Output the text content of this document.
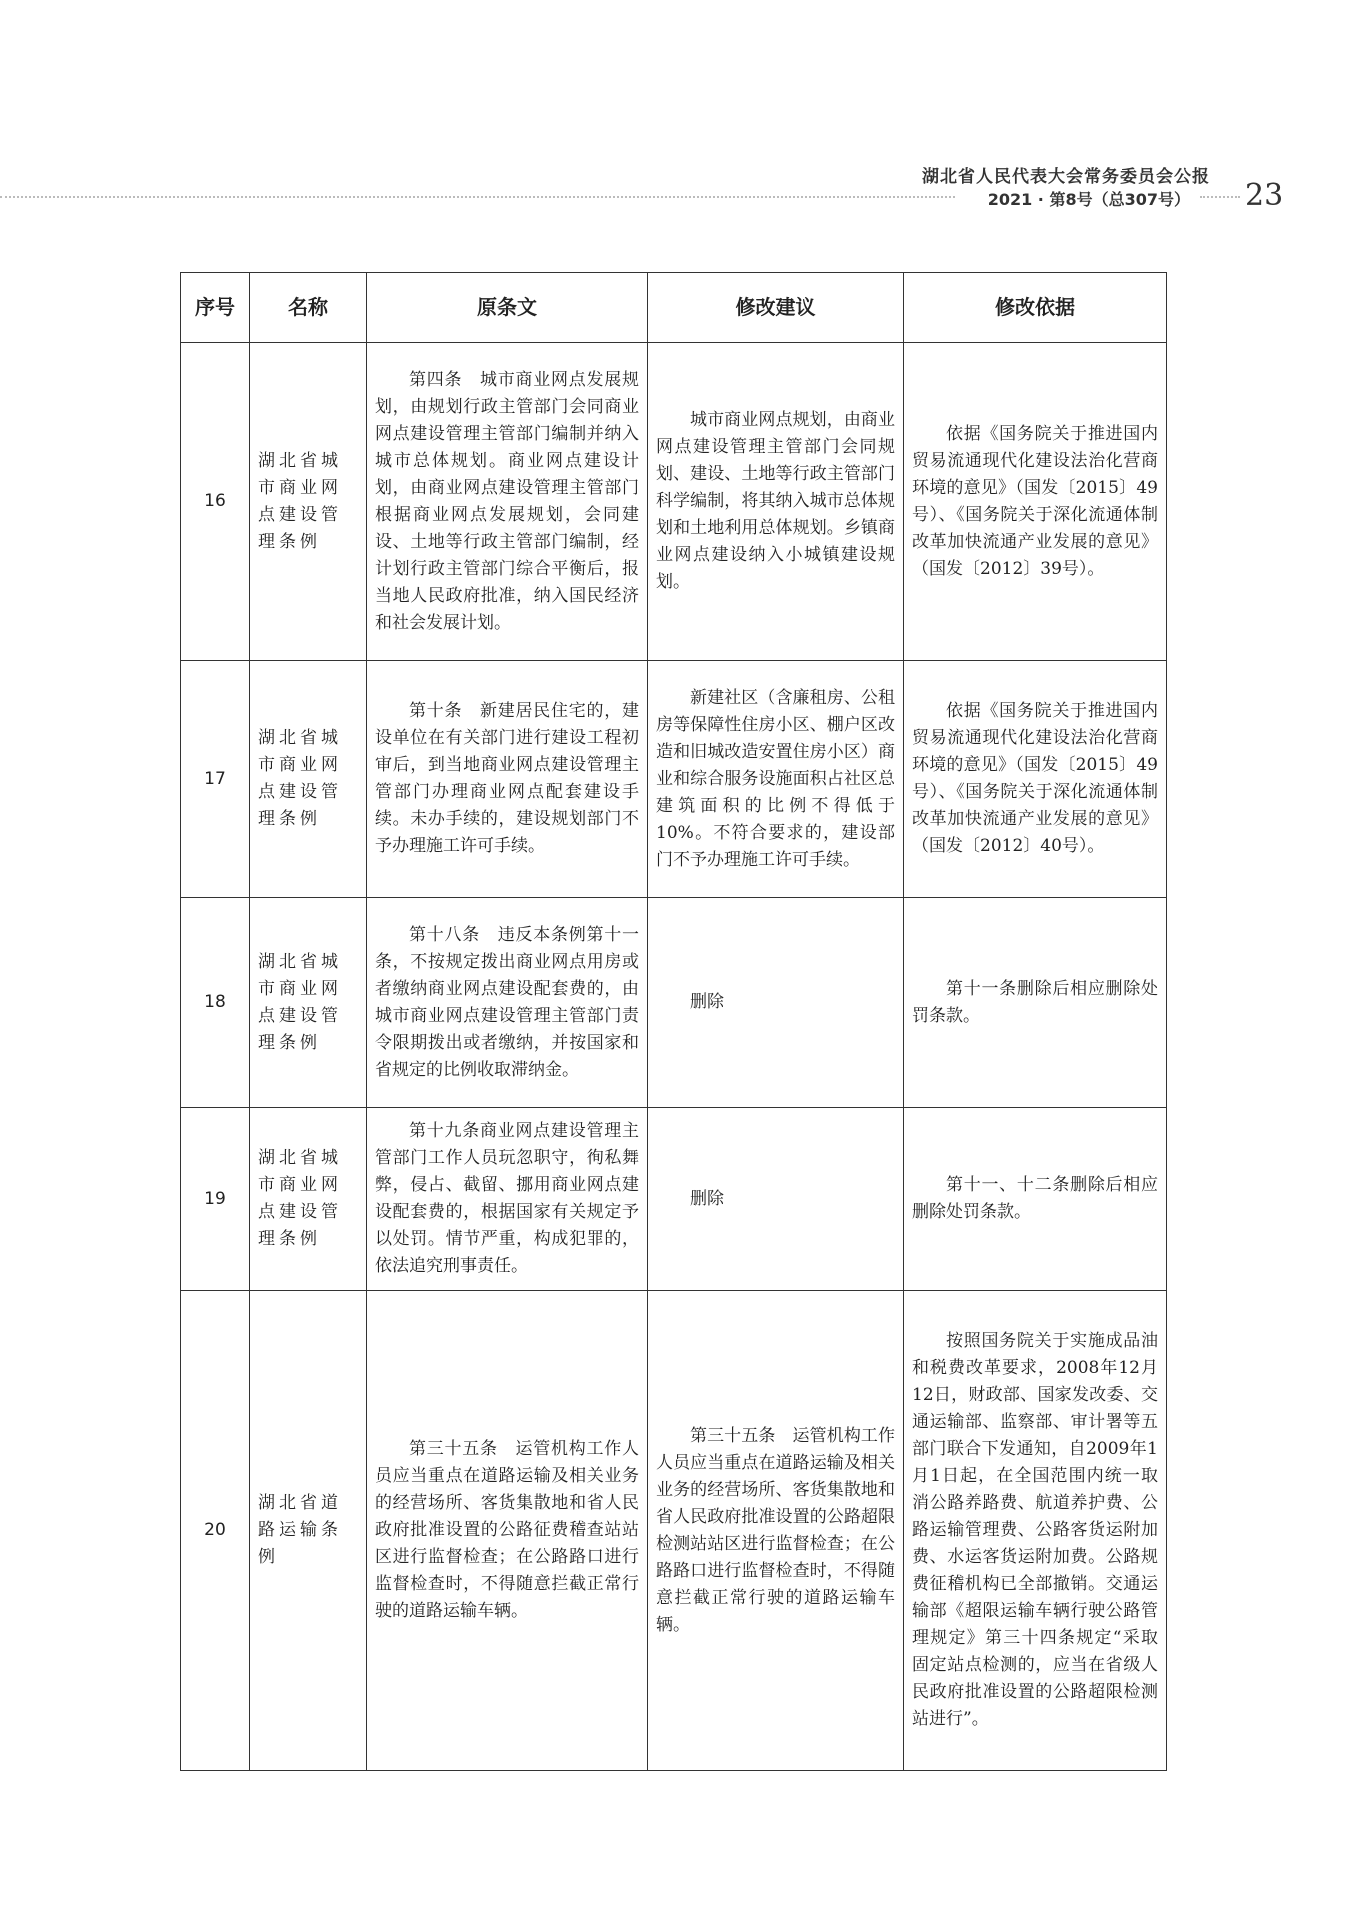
湖北省人民代表大会常务委员会公报
2021 · 第8号（总307号） 23
序号	名称	原条文	修改建议	修改依据
16	湖北省城市商业网点建设管理条例	第四条　城市商业网点发展规划，由规划行政主管部门会同商业网点建设管理主管部门编制并纳入城市总体规划。商业网点建设计划，由商业网点建设管理主管部门根据商业网点发展规划，会同建设、土地等行政主管部门编制，经计划行政主管部门综合平衡后，报当地人民政府批准，纳入国民经济和社会发展计划。	城市商业网点规划，由商业网点建设管理主管部门会同规划、建设、土地等行政主管部门科学编制，将其纳入城市总体规划和土地利用总体规划。乡镇商业网点建设纳入小城镇建设规划。	依据《国务院关于推进国内贸易流通现代化建设法治化营商环境的意见》（国发〔2015〕49号）、《国务院关于深化流通体制改革加快流通产业发展的意见》（国发〔2012〕39号）。

17	湖北省城市商业网点建设管理条例	第十条　新建居民住宅的，建设单位在有关部门进行建设工程初审后，到当地商业网点建设管理主管部门办理商业网点配套建设手续。未办手续的，建设规划部门不予办理施工许可手续。	新建社区（含廉租房、公租房等保障性住房小区、棚户区改造和旧城改造安置住房小区）商业和综合服务设施面积占社区总建筑面积的比例不得低于10%。不符合要求的，建设部门不予办理施工许可手续。	依据《国务院关于推进国内贸易流通现代化建设法治化营商环境的意见》（国发〔2015〕49号）、《国务院关于深化流通体制改革加快流通产业发展的意见》（国发〔2012〕40号）。

18	湖北省城市商业网点建设管理条例	第十八条　违反本条例第十一条，不按规定拨出商业网点用房或者缴纳商业网点建设配套费的，由城市商业网点建设管理主管部门责令限期拨出或者缴纳，并按国家和省规定的比例收取滞纳金。	删除	第十一条删除后相应删除处罚条款。

19	湖北省城市商业网点建设管理条例	第十九条商业网点建设管理主管部门工作人员玩忽职守，徇私舞弊，侵占、截留、挪用商业网点建设配套费的，根据国家有关规定予以处罚。情节严重，构成犯罪的，依法追究刑事责任。	删除	第十一、十二条删除后相应删除处罚条款。

20	湖北省道路运输条例	第三十五条　运管机构工作人员应当重点在道路运输及相关业务的经营场所、客货集散地和省人民政府批准设置的公路征费稽查站站区进行监督检查；在公路路口进行监督检查时，不得随意拦截正常行驶的道路运输车辆。	第三十五条　运管机构工作人员应当重点在道路运输及相关业务的经营场所、客货集散地和省人民政府批准设置的公路超限检测站站区进行监督检查；在公路路口进行监督检查时，不得随意拦截正常行驶的道路运输车辆。	按照国务院关于实施成品油和税费改革要求，2008年12月12日，财政部、国家发改委、交通运输部、监察部、审计署等五部门联合下发通知，自2009年1月1日起，在全国范围内统一取消公路养路费、航道养护费、公路运输管理费、公路客货运附加费、水运客货运附加费。公路规费征稽机构已全部撤销。交通运输部《超限运输车辆行驶公路管理规定》第三十四条规定“采取固定站点检测的，应当在省级人民政府批准设置的公路超限检测站进行”。
